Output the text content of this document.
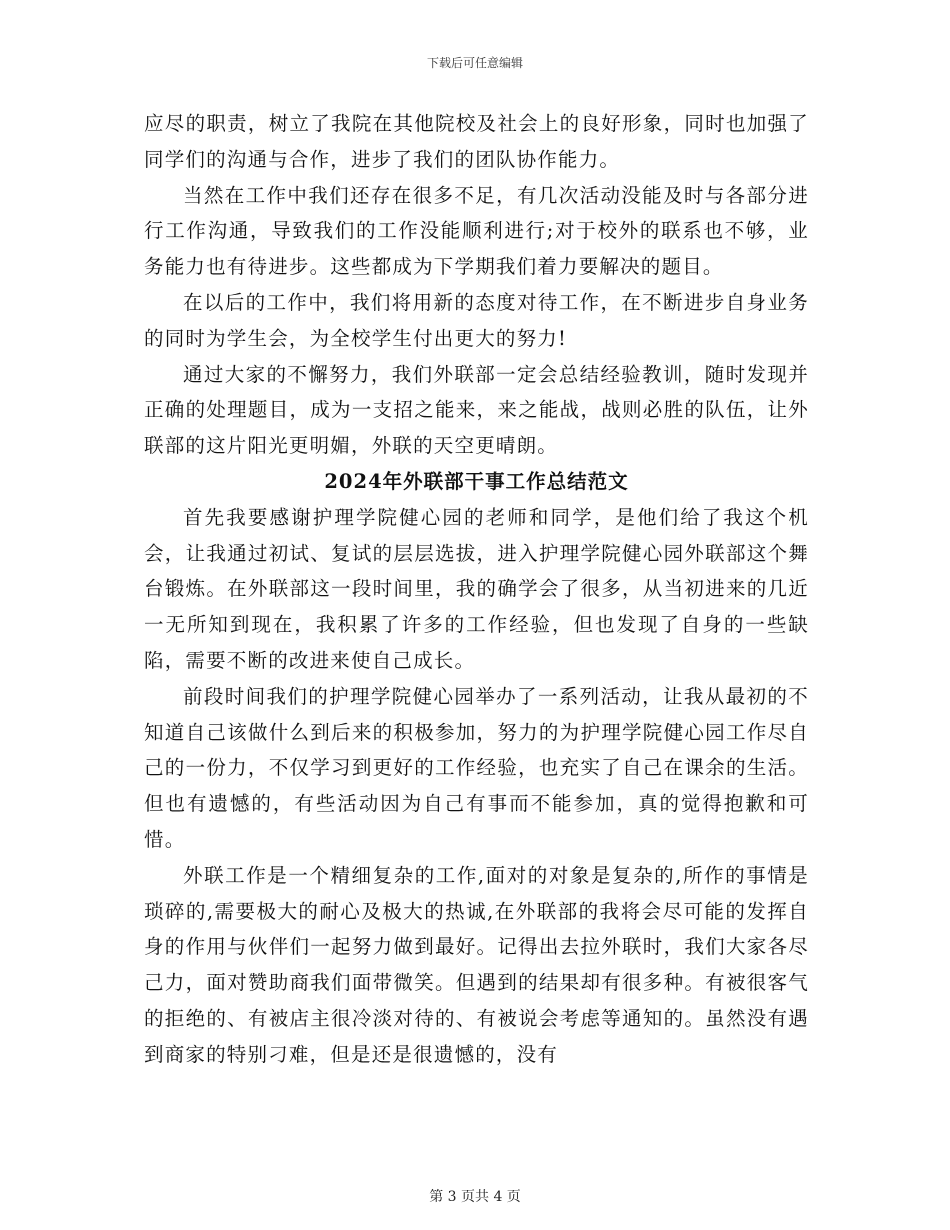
下载后可任意编辑

应尽的职责，树立了我院在其他院校及社会上的良好形象，同时也加强了同学们的沟通与合作，进步了我们的团队协作能力。

当然在工作中我们还存在很多不足，有几次活动没能及时与各部分进行工作沟通，导致我们的工作没能顺利进行;对于校外的联系也不够，业务能力也有待进步。这些都成为下学期我们着力要解决的题目。

在以后的工作中，我们将用新的态度对待工作，在不断进步自身业务的同时为学生会，为全校学生付出更大的努力!

通过大家的不懈努力，我们外联部一定会总结经验教训，随时发现并正确的处理题目，成为一支招之能来，来之能战，战则必胜的队伍，让外联部的这片阳光更明媚，外联的天空更晴朗。

2024年外联部干事工作总结范文

首先我要感谢护理学院健心园的老师和同学，是他们给了我这个机会，让我通过初试、复试的层层选拔，进入护理学院健心园外联部这个舞台锻炼。在外联部这一段时间里，我的确学会了很多，从当初进来的几近一无所知到现在，我积累了许多的工作经验，但也发现了自身的一些缺陷，需要不断的改进来使自己成长。

前段时间我们的护理学院健心园举办了一系列活动，让我从最初的不知道自己该做什么到后来的积极参加，努力的为护理学院健心园工作尽自己的一份力，不仅学习到更好的工作经验，也充实了自己在课余的生活。但也有遗憾的，有些活动因为自己有事而不能参加，真的觉得抱歉和可惜。

外联工作是一个精细复杂的工作,面对的对象是复杂的,所作的事情是琐碎的,需要极大的耐心及极大的热诚,在外联部的我将会尽可能的发挥自身的作用与伙伴们一起努力做到最好。记得出去拉外联时，我们大家各尽己力，面对赞助商我们面带微笑。但遇到的结果却有很多种。有被很客气的拒绝的、有被店主很冷淡对待的、有被说会考虑等通知的。虽然没有遇到商家的特别刁难，但是还是很遗憾的，没有

第 3 页共 4 页
